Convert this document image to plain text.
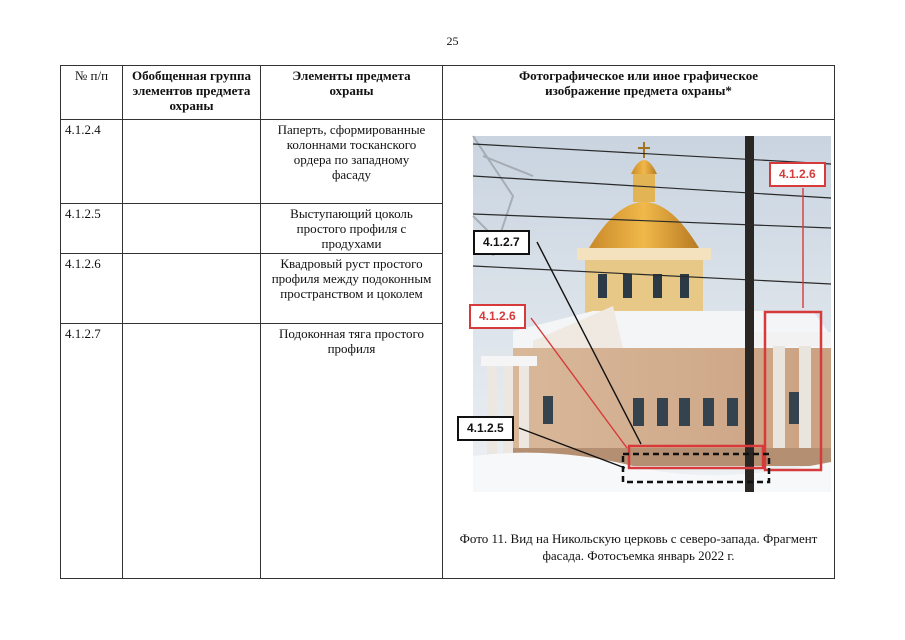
25
№ п/п	Обобщенная группа элементов предмета охраны	Элементы предмета охраны	Фотографическое или иное графическое изображение предмета охраны*
4.1.2.4		Паперть, сформированные колоннами тосканского ордера по западному фасаду	4.1.2.6
4.1.2.7
4.1.2.6
4.1.2.5
Фото 11. Вид на Никольскую церковь с северо-запада. Фрагмент фасада. Фотосъемка январь 2022 г.

4.1.2.5		Выступающий цоколь простого профиля с продухами	
4.1.2.6		Квадровый руст простого профиля между подоконным пространством и цоколем	
4.1.2.7		Подоконная тяга простого профиля	
